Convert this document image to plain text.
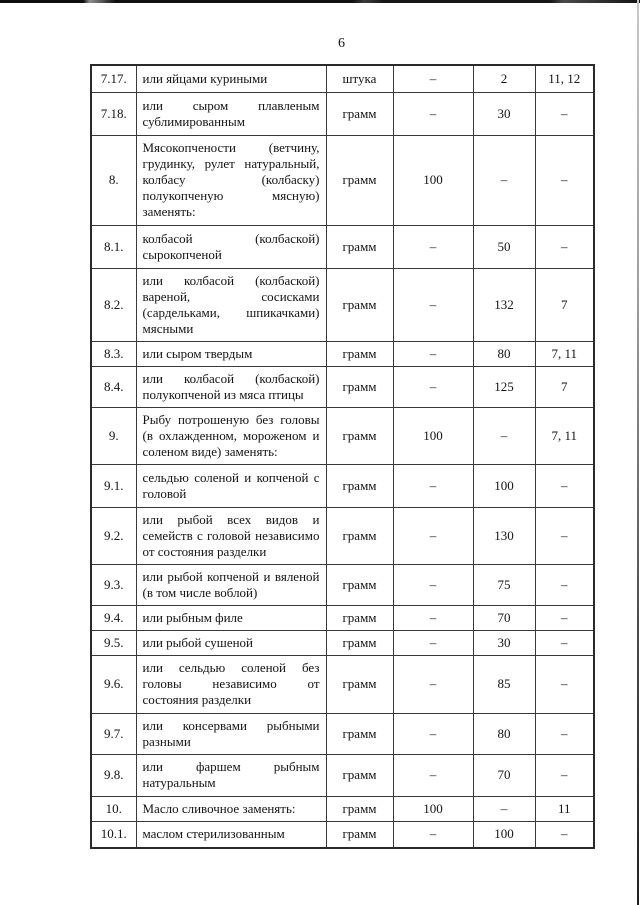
6
7.17.	или яйцами куриными	штука	–	2	11, 12
7.18.	или сыром плавленым сублимированным	грамм	–	30	–
8.	Мясокопчености (ветчину, грудинку, рулет натуральный, колбасу (колбаску) полукопченую мясную) заменять:	грамм	100	–	–
8.1.	колбасой (колбаской) сырокопченой	грамм	–	50	–
8.2.	или колбасой (колбаской) вареной, сосисками (сардельками, шпикачками) мясными	грамм	–	132	7
8.3.	или сыром твердым	грамм	–	80	7, 11
8.4.	или колбасой (колбаской) полукопченой из мяса птицы	грамм	–	125	7
9.	Рыбу потрошеную без головы (в охлажденном, мороженом и соленом виде) заменять:	грамм	100	–	7, 11
9.1.	сельдью соленой и копченой с головой	грамм	–	100	–
9.2.	или рыбой всех видов и семейств с головой независимо от состояния разделки	грамм	–	130	–
9.3.	или рыбой копченой и вяленой (в том числе воблой)	грамм	–	75	–
9.4.	или рыбным филе	грамм	–	70	–
9.5.	или рыбой сушеной	грамм	–	30	–
9.6.	или сельдью соленой без головы независимо от состояния разделки	грамм	–	85	–
9.7.	или консервами рыбными разными	грамм	–	80	–
9.8.	или фаршем рыбным натуральным	грамм	–	70	–
10.	Масло сливочное заменять:	грамм	100	–	11
10.1.	маслом стерилизованным	грамм	–	100	–
